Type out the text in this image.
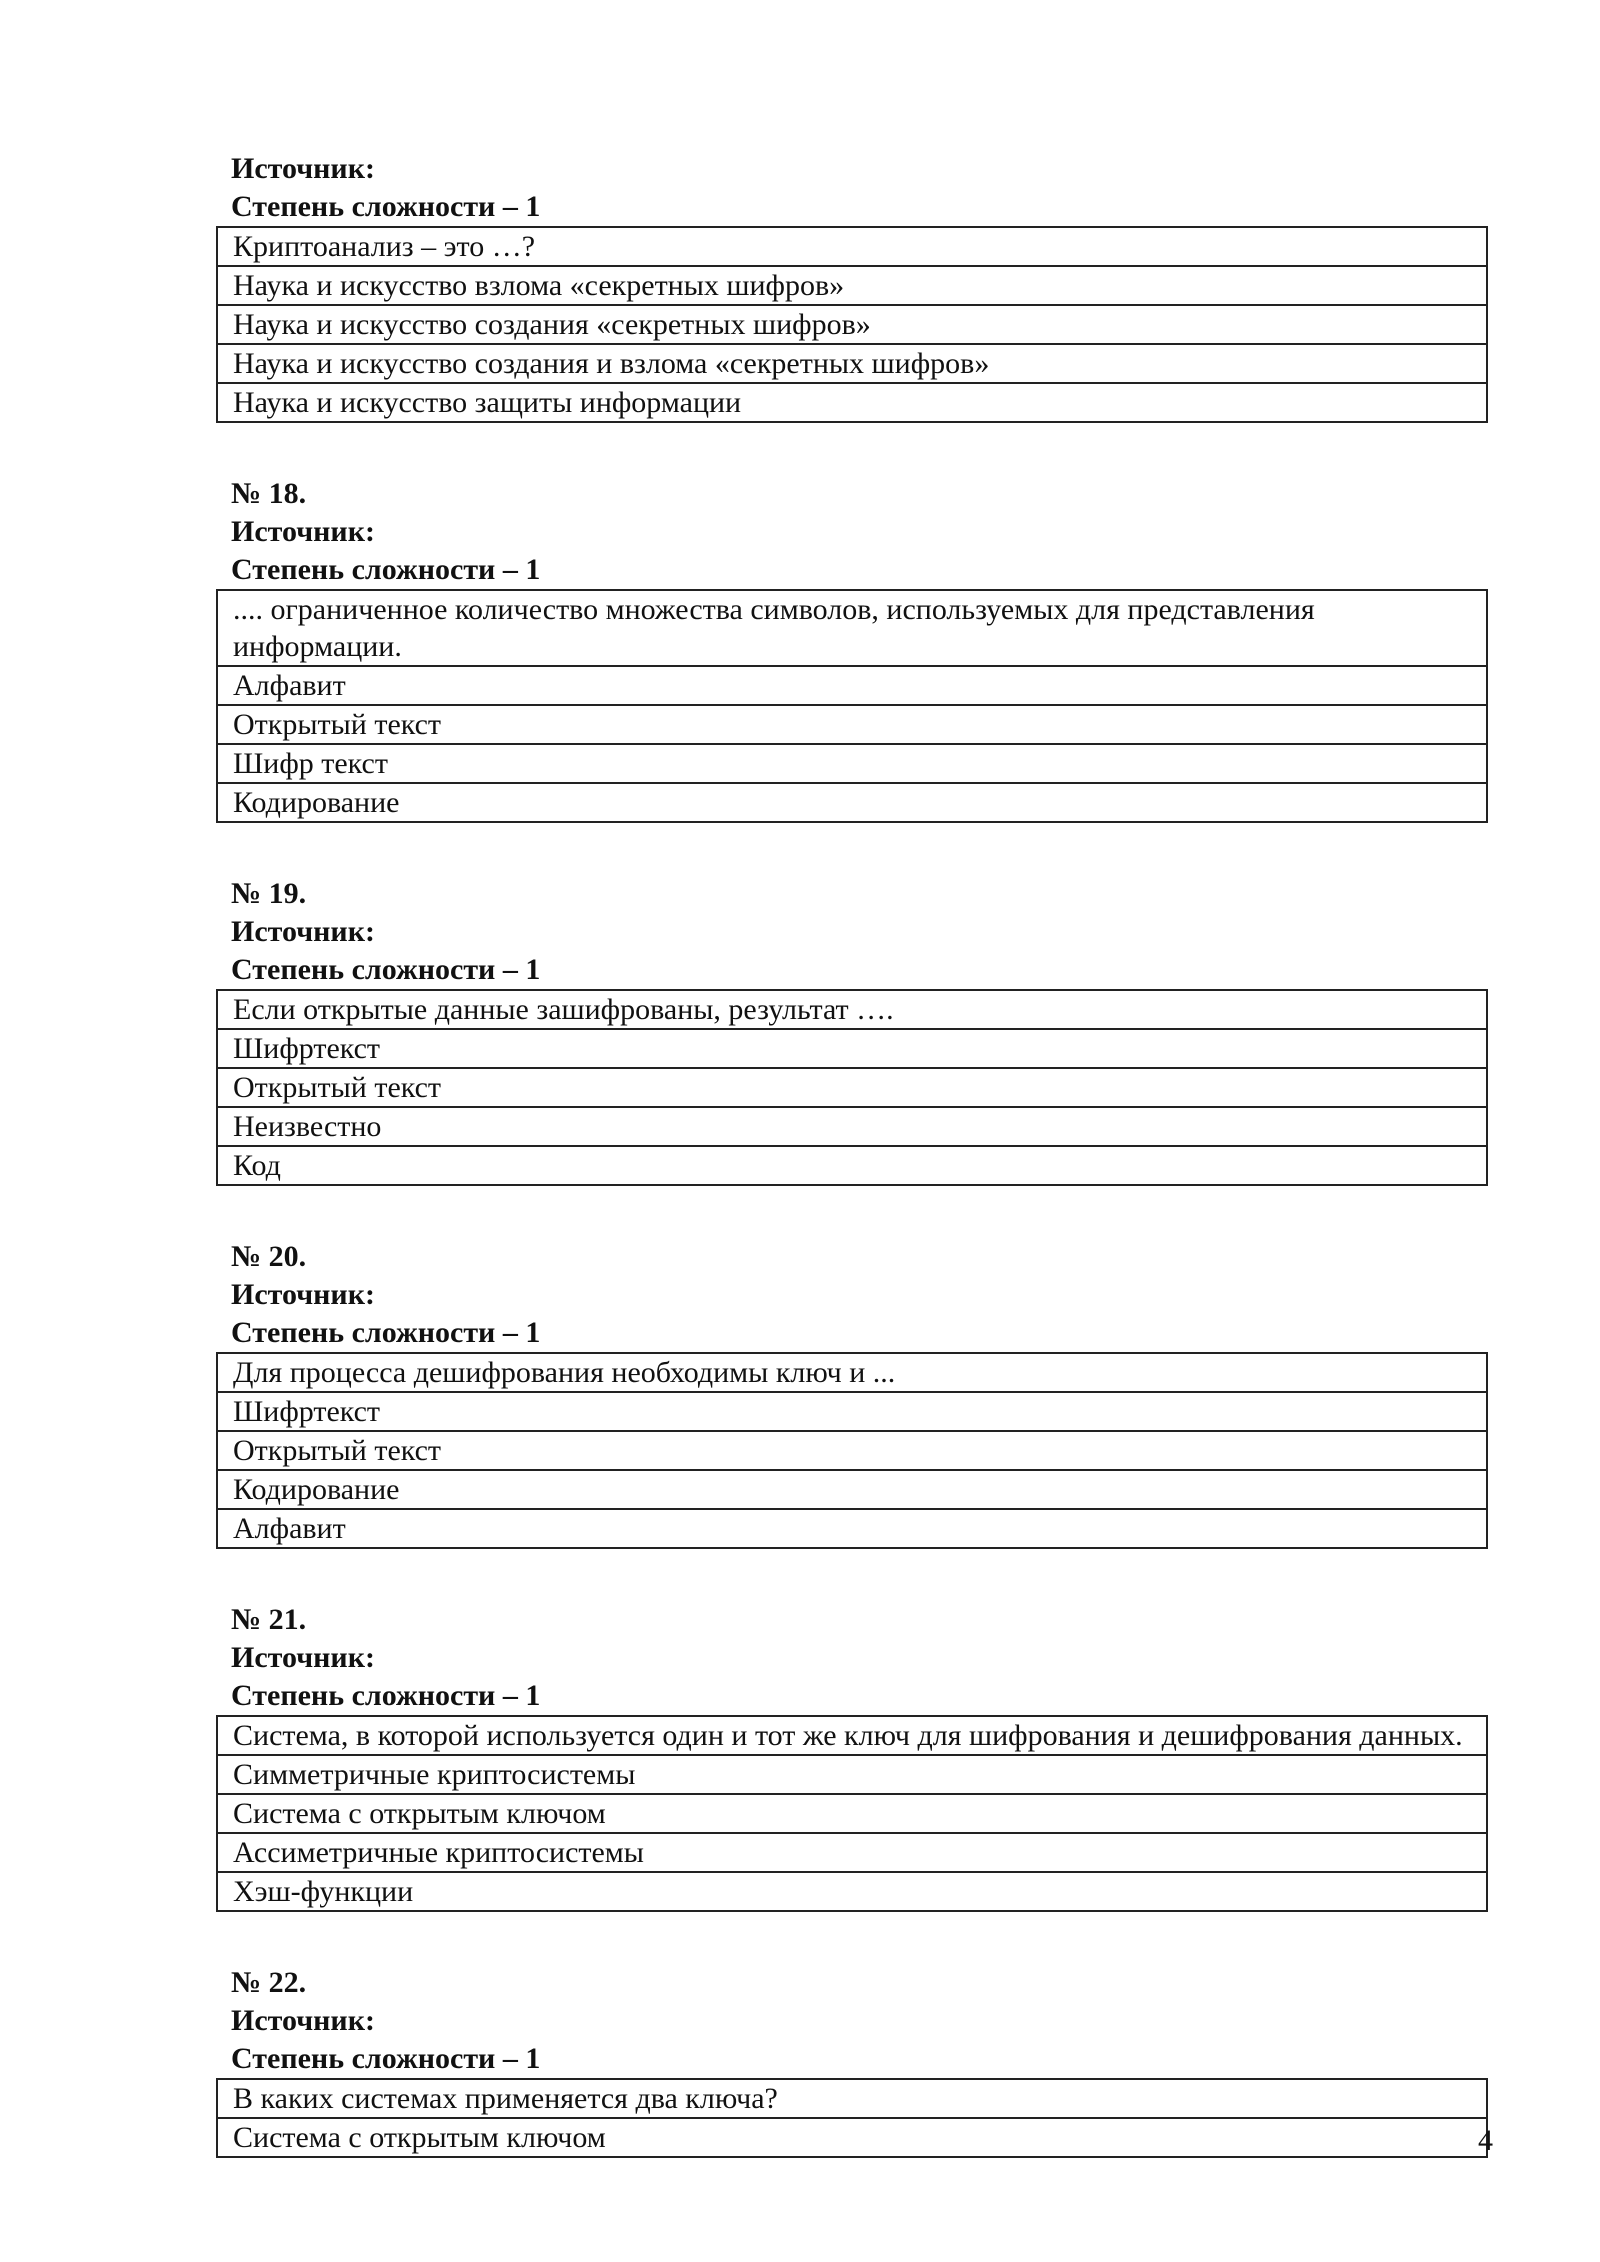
Источник:
Степень сложности – 1
Криптоанализ – это …?
Наука и искусство взлома «секретных шифров»
Наука и искусство создания «секретных шифров»
Наука и искусство создания и взлома «секретных шифров»
Наука и искусство защиты информации
№ 18.
Источник:
Степень сложности – 1
.... ограниченное количество множества символов, используемых для представления информации.
Алфавит
Открытый текст
Шифр текст
Кодирование
№ 19.
Источник:
Степень сложности – 1
Если открытые данные зашифрованы, результат ….
Шифртекст
Открытый текст
Неизвестно
Код
№ 20.
Источник:
Степень сложности – 1
Для процесса дешифрования необходимы ключ и ...
Шифртекст
Открытый текст
Кодирование
Алфавит
№ 21.
Источник:
Степень сложности – 1
Система, в которой используется один и тот же ключ для шифрования и дешифрования данных.
Симметричные криптосистемы
Система с открытым ключом
Ассиметричные криптосистемы
Хэш-функции
№ 22.
Источник:
Степень сложности – 1
В каких системах применяется два ключа?
Система с открытым ключом	4
